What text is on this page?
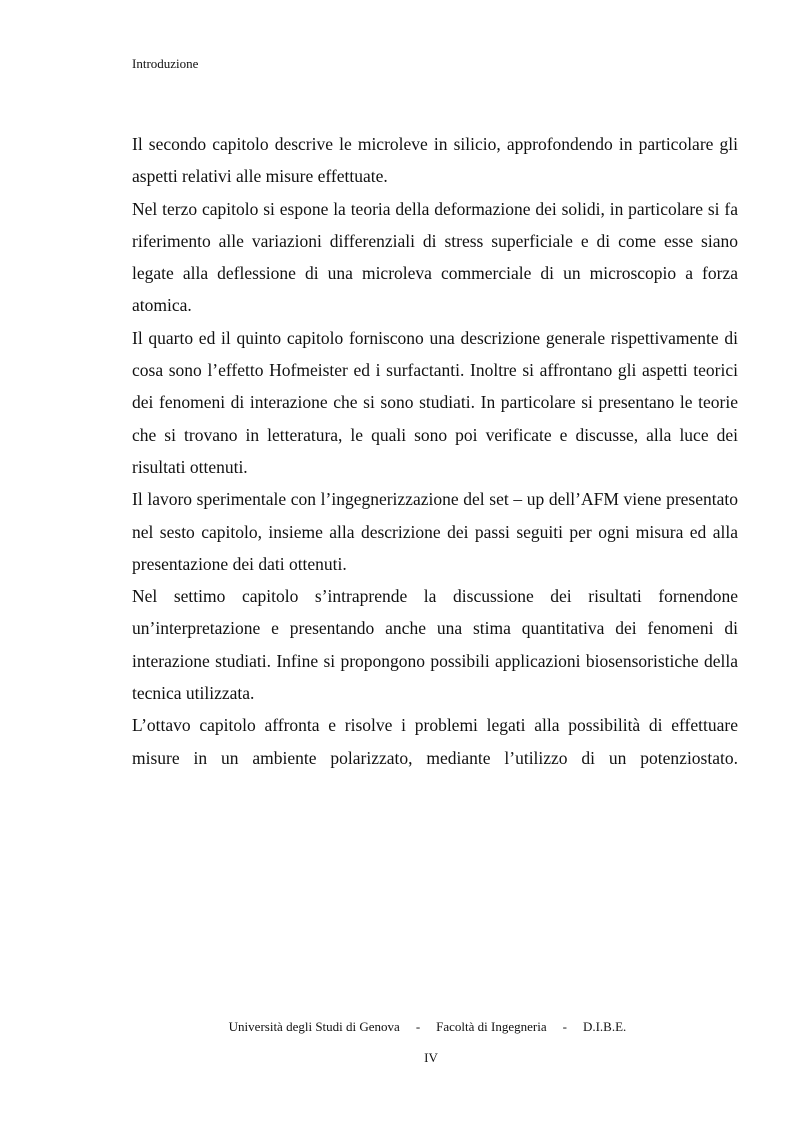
Introduzione

Il secondo capitolo descrive le microleve in silicio, approfondendo in particolare gli aspetti relativi alle misure effettuate.

Nel terzo capitolo si espone la teoria della deformazione dei solidi, in particolare si fa riferimento alle variazioni differenziali di stress superficiale e di come esse siano legate alla deflessione di una microleva commerciale di un microscopio a forza atomica.

Il quarto ed il quinto capitolo forniscono una descrizione generale rispettivamente di cosa sono l’effetto Hofmeister ed i surfactanti. Inoltre si affrontano gli aspetti teorici dei fenomeni di interazione che si sono studiati. In particolare si presentano le teorie che si trovano in letteratura, le quali sono poi verificate e discusse, alla luce dei risultati ottenuti.

Il lavoro sperimentale con l’ingegnerizzazione del set – up dell’AFM viene presentato nel sesto capitolo, insieme alla descrizione dei passi seguiti per ogni misura ed alla presentazione dei dati ottenuti.

Nel settimo capitolo s’intraprende la discussione dei risultati fornendone un’interpretazione e presentando anche una stima quantitativa dei fenomeni di interazione studiati. Infine si propongono possibili applicazioni biosensoristiche della tecnica utilizzata.

L’ottavo capitolo affronta e risolve i problemi legati alla possibilità di effettuare misure in un ambiente polarizzato, mediante l’utilizzo di un potenziostato.

Università degli Studi di Genova - Facoltà di Ingegneria - D.I.B.E.
IV
